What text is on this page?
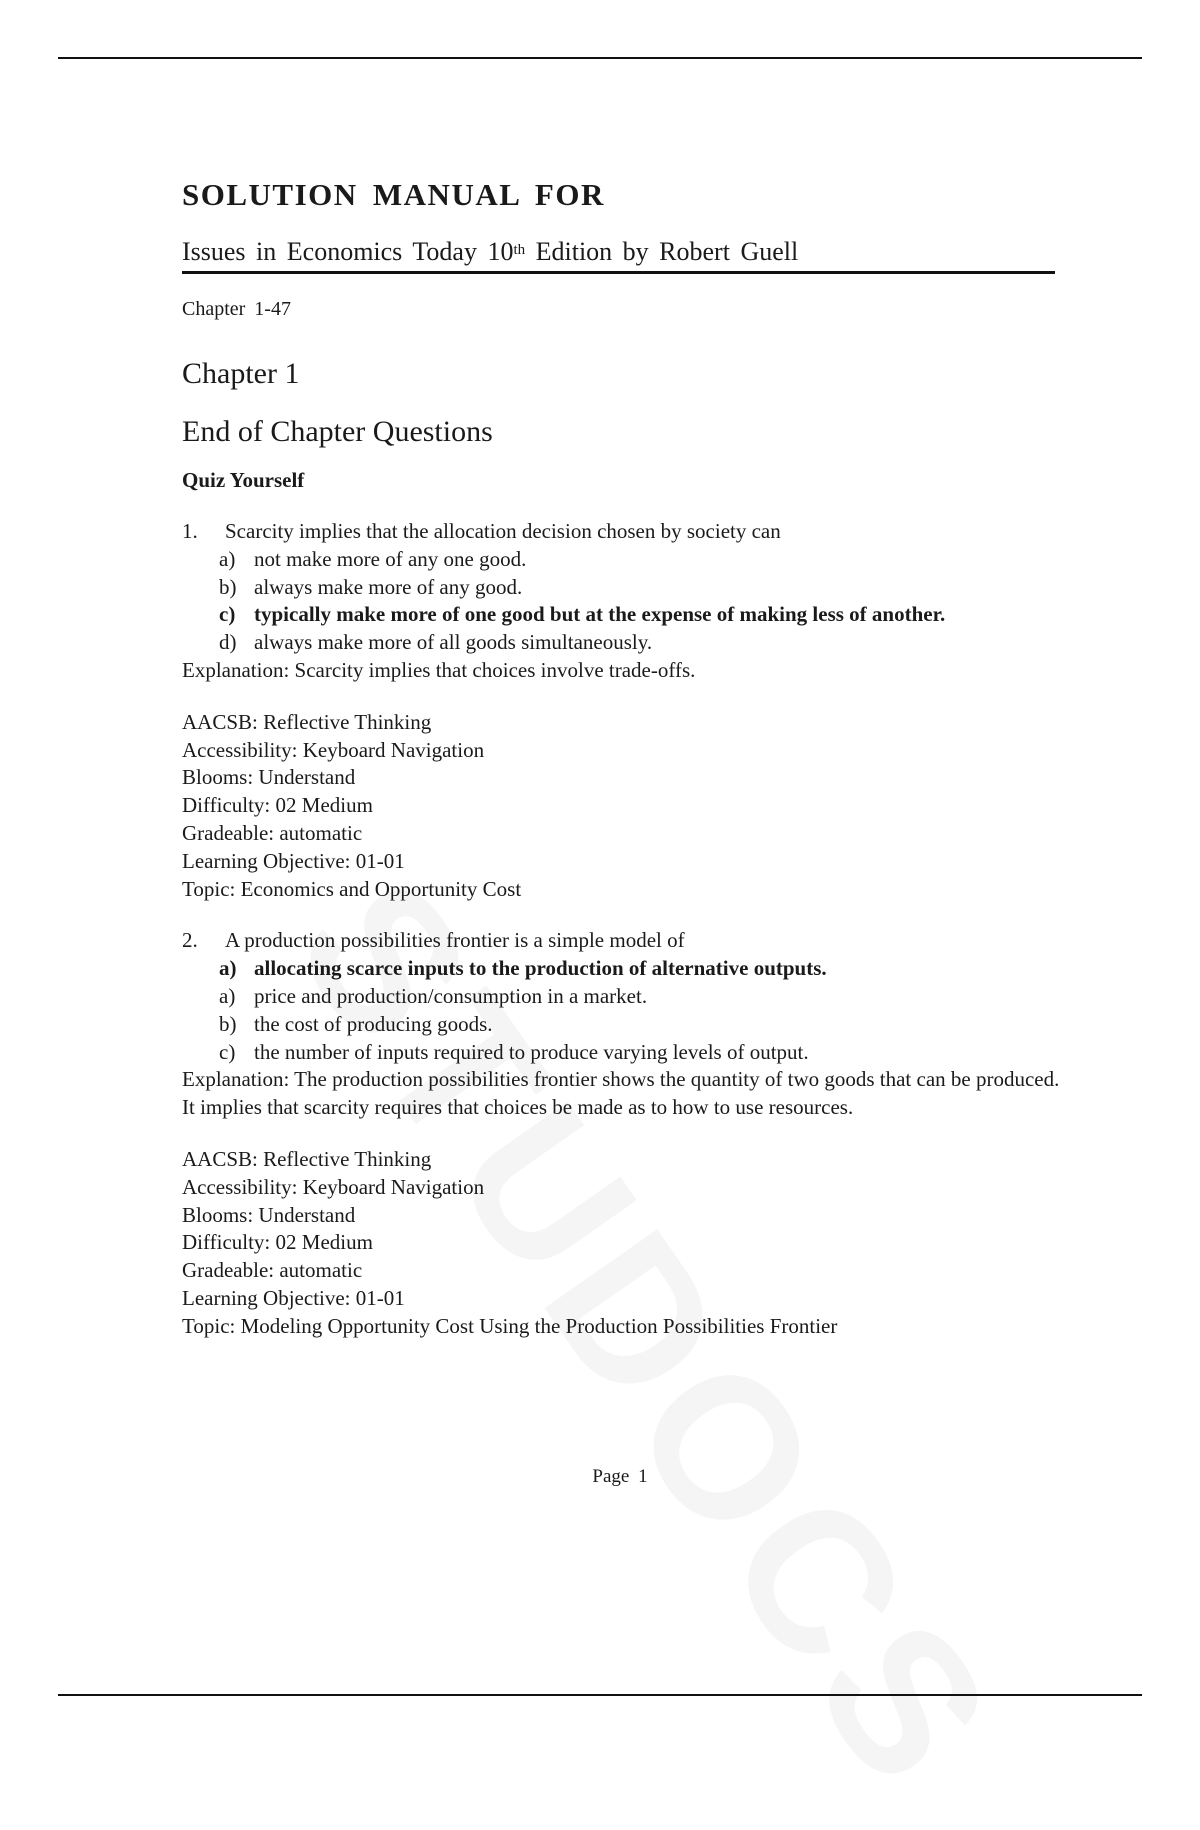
SOLUTION MANUAL FOR
Issues in Economics Today 10th Edition by Robert Guell
Chapter 1-47
Chapter 1
End of Chapter Questions
Quiz Yourself
1.	Scarcity implies that the allocation decision chosen by society can
a) not make more of any one good.
b) always make more of any good.
c) typically make more of one good but at the expense of making less of another.
d) always make more of all goods simultaneously.
Explanation: Scarcity implies that choices involve trade-offs.
AACSB: Reflective Thinking
Accessibility: Keyboard Navigation
Blooms: Understand
Difficulty: 02 Medium
Gradeable: automatic
Learning Objective: 01-01
Topic: Economics and Opportunity Cost
2.	A production possibilities frontier is a simple model of
a) allocating scarce inputs to the production of alternative outputs.
a) price and production/consumption in a market.
b) the cost of producing goods.
c) the number of inputs required to produce varying levels of output.
Explanation: The production possibilities frontier shows the quantity of two goods that can be produced. It implies that scarcity requires that choices be made as to how to use resources.
AACSB: Reflective Thinking
Accessibility: Keyboard Navigation
Blooms: Understand
Difficulty: 02 Medium
Gradeable: automatic
Learning Objective: 01-01
Topic: Modeling Opportunity Cost Using the Production Possibilities Frontier
Page 1
